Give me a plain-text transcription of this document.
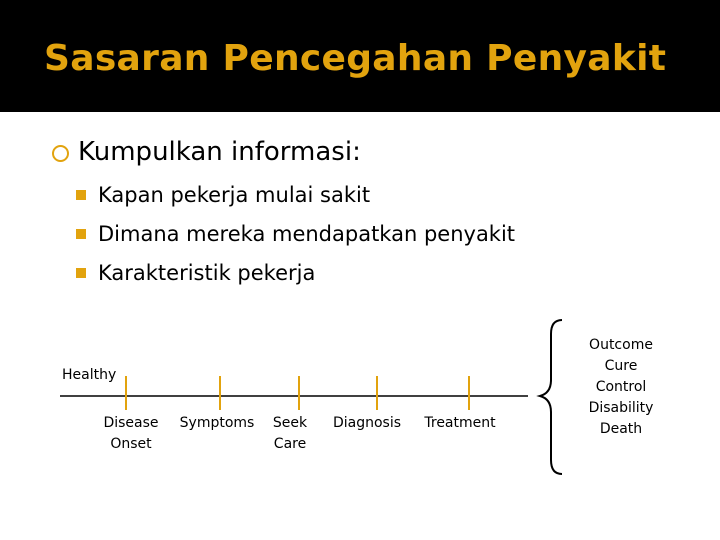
Sasaran Pencegahan Penyakit
Kumpulkan informasi:
Kapan pekerja mulai sakit
Dimana mereka mendapatkan penyakit
Karakteristik pekerja
Healthy
Disease
Onset
Symptoms Seek
Care
Diagnosis Treatment
Outcome
Cure
Control
Disability
Death
